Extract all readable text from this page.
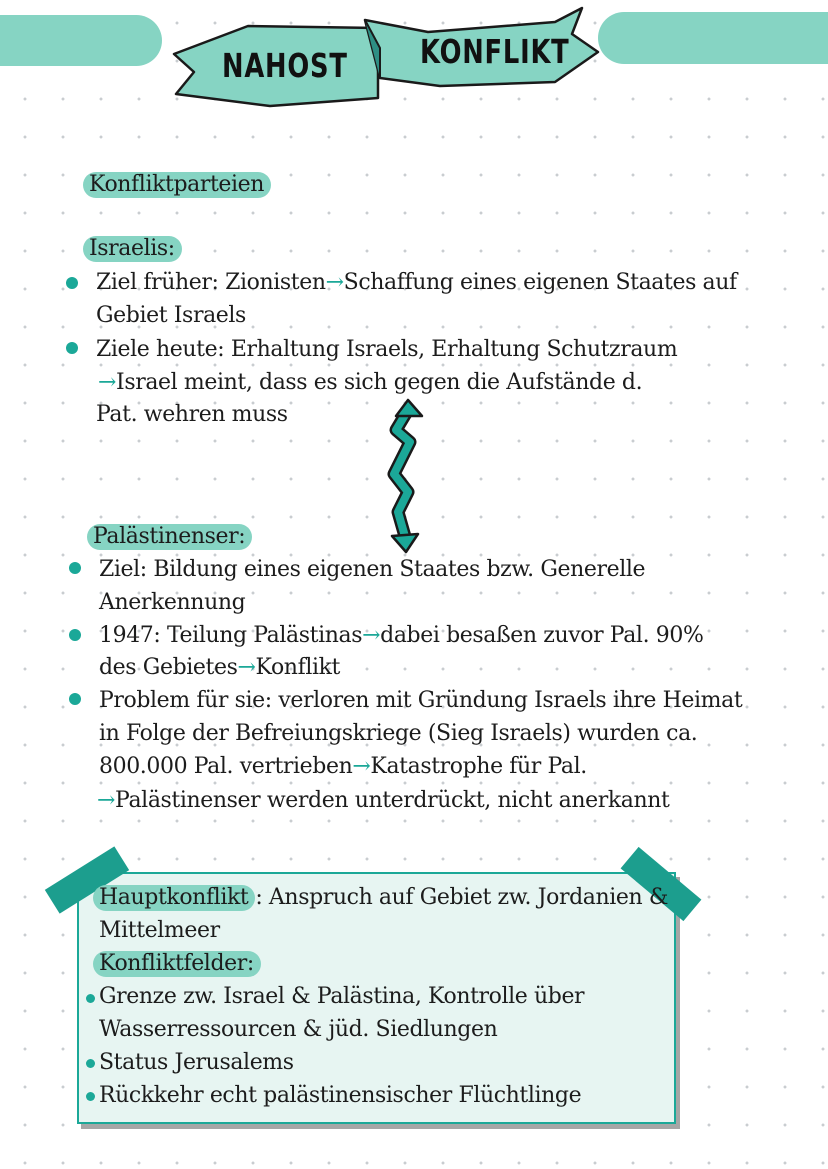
NAHOST KONFLIKT
Konfliktparteien
Israelis:
Ziel früher: Zionisten→Schaffung eines eigenen Staates auf
Gebiet Israels
Ziele heute: Erhaltung Israels, Erhaltung Schutzraum
→Israel meint, dass es sich gegen die Aufstände d.
Pat. wehren muss
Palästinenser:
Ziel: Bildung eines eigenen Staates bzw. Generelle
Anerkennung
1947: Teilung Palästinas→dabei besaßen zuvor Pal. 90%
des Gebietes→Konflikt
Problem für sie: verloren mit Gründung Israels ihre Heimat
in Folge der Befreiungskriege (Sieg Israels) wurden ca.
800.000 Pal. vertrieben→Katastrophe für Pal.
→Palästinenser werden unterdrückt, nicht anerkannt
Hauptkonflikt : Anspruch auf Gebiet zw. Jordanien &
Mittelmeer
Konfliktfelder:
Grenze zw. Israel & Palästina, Kontrolle über
Wasserressourcen & jüd. Siedlungen
Status Jerusalems
Rückkehr echt palästinensischer Flüchtlinge
